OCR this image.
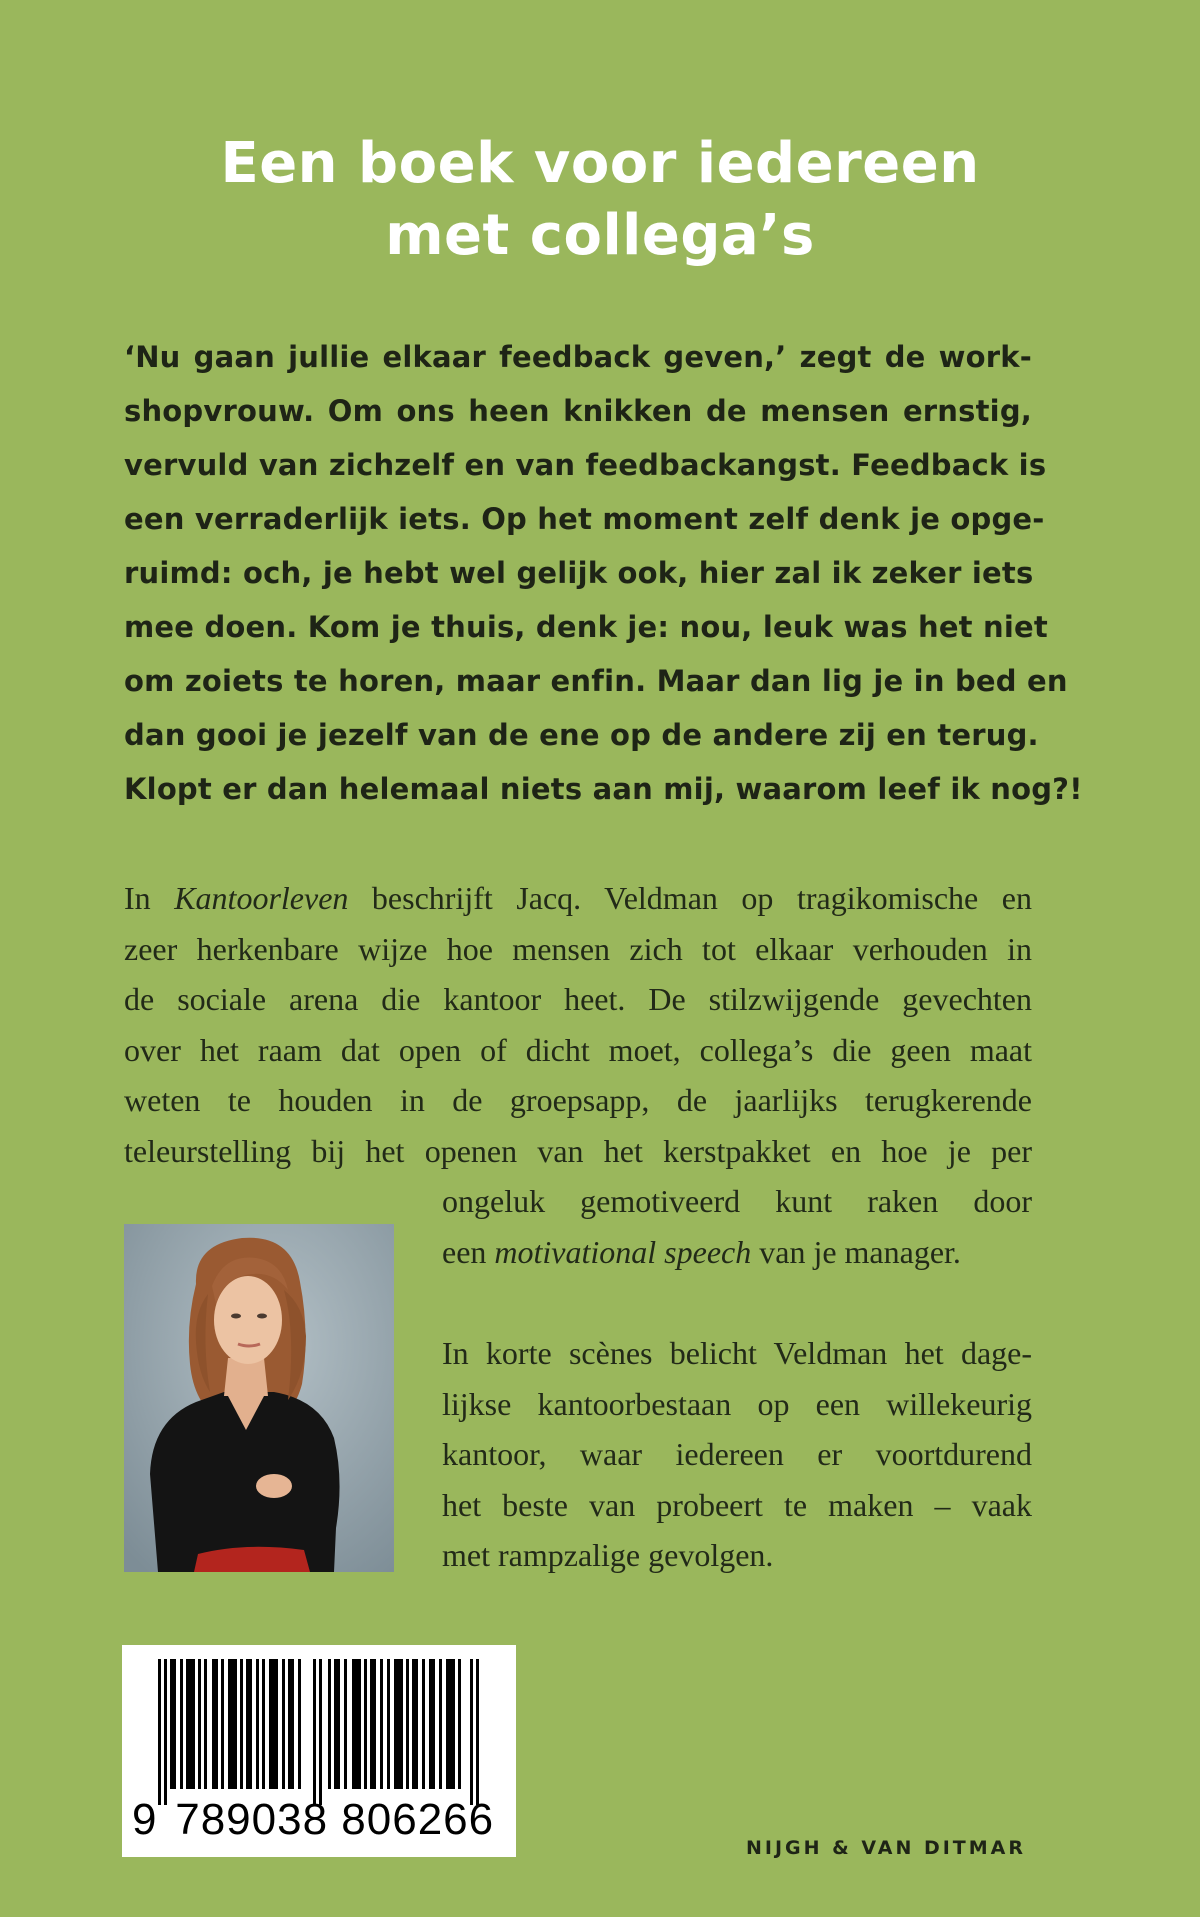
Een boek voor iedereen
met collega’s
‘Nu gaan jullie elkaar feedback geven,’ zegt de work-
shopvrouw. Om ons heen knikken de mensen ernstig,
vervuld van zichzelf en van feedbackangst. Feedback is
een verraderlijk iets. Op het moment zelf denk je opge-
ruimd: och, je hebt wel gelijk ook, hier zal ik zeker iets
mee doen. Kom je thuis, denk je: nou, leuk was het niet
om zoiets te horen, maar enfin. Maar dan lig je in bed en
dan gooi je jezelf van de ene op de andere zij en terug.
Klopt er dan helemaal niets aan mij, waarom leef ik nog?!
In Kantoorleven beschrijft Jacq. Veldman op tragikomische en
zeer herkenbare wijze hoe mensen zich tot elkaar verhouden in
de sociale arena die kantoor heet. De stilzwijgende gevechten
over het raam dat open of dicht moet, collega’s die geen maat
weten te houden in de groepsapp, de jaarlijks terugkerende
teleurstelling bij het openen van het kerstpakket en hoe je per
ongeluk gemotiveerd kunt raken door
een motivational speech van je manager.
In korte scènes belicht Veldman het dage-
lijkse kantoorbestaan op een willekeurig
kantoor, waar iedereen er voortdurend
het beste van probeert te maken – vaak
met rampzalige gevolgen.
9 789038 806266
NIJGH & VAN DITMAR
